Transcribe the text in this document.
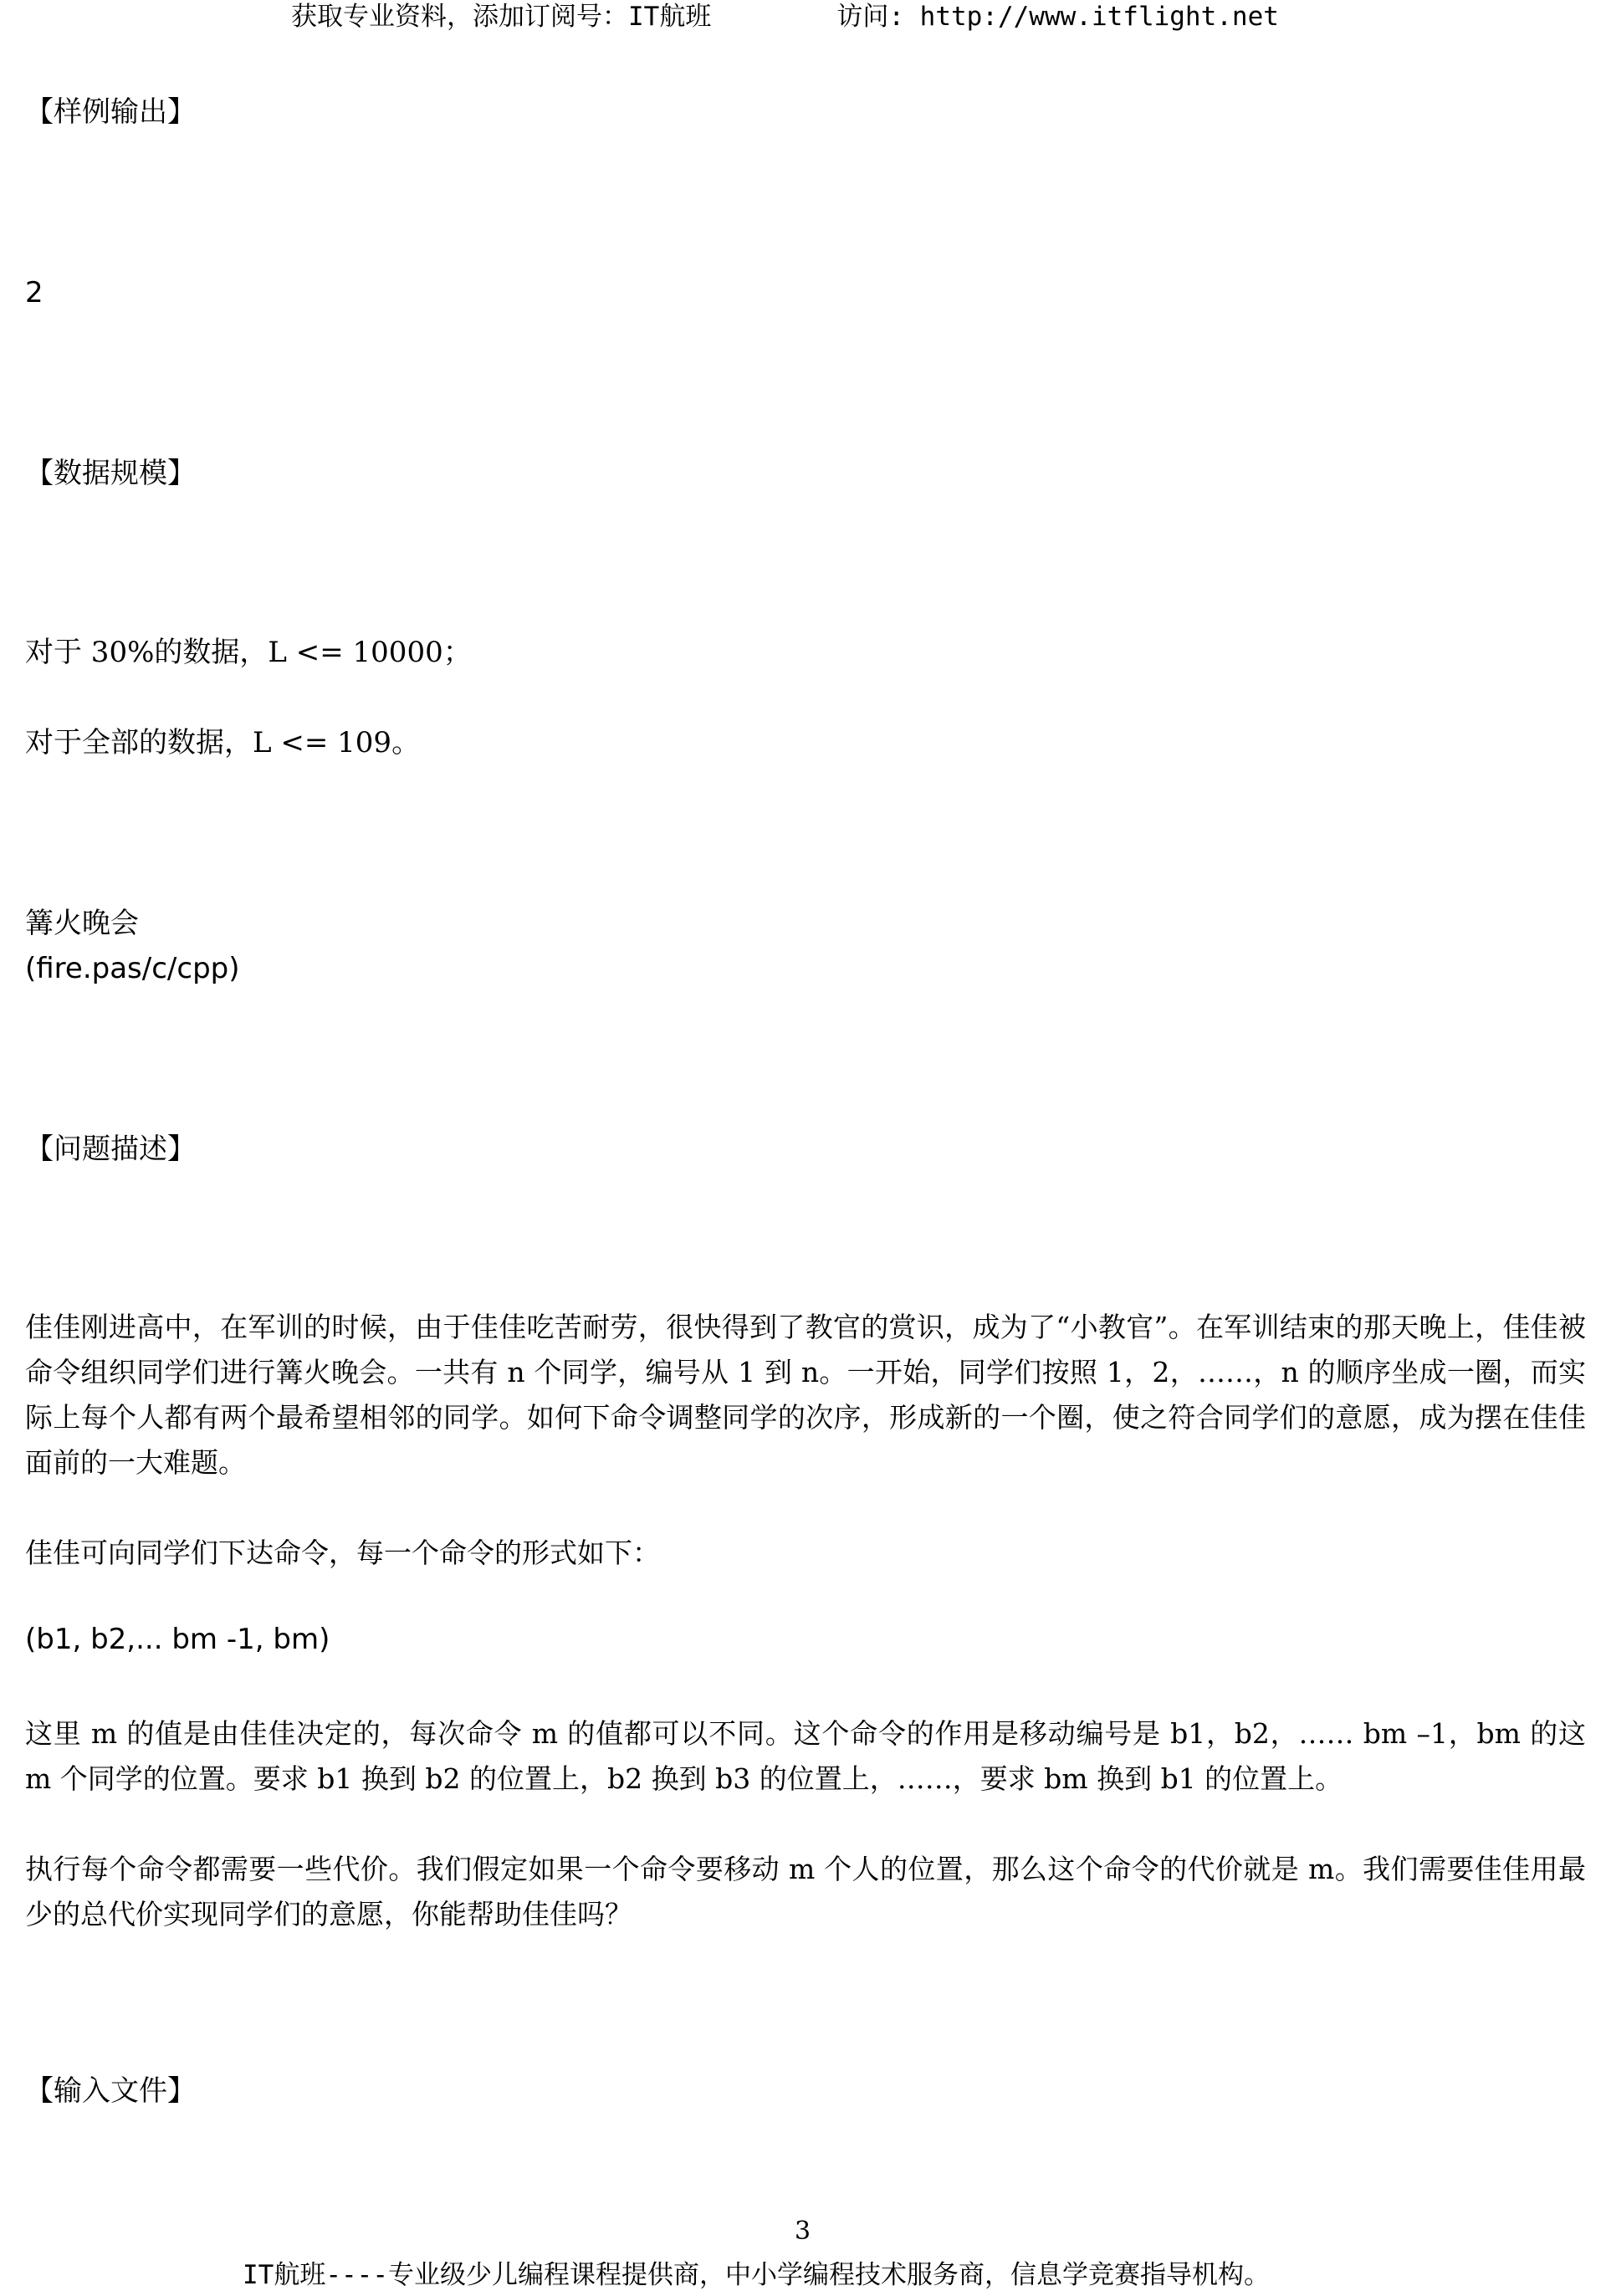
获取专业资料，添加订阅号：IT航班	访问: http://www.itflight.net
【样例输出】
2
【数据规模】
对于 30%的数据，L <= 10000；
对于全部的数据，L <= 109。
篝火晚会
(fire.pas/c/cpp)
【问题描述】
佳佳刚进高中，在军训的时候，由于佳佳吃苦耐劳，很快得到了教官的赏识，成为了“小教官”。在军训结束的那天晚上，佳佳被命令组织同学们进行篝火晚会。一共有 n 个同学，编号从 1 到 n。一开始，同学们按照 1，2，……，n 的顺序坐成一圈，而实际上每个人都有两个最希望相邻的同学。如何下命令调整同学的次序，形成新的一个圈，使之符合同学们的意愿，成为摆在佳佳面前的一大难题。
佳佳可向同学们下达命令，每一个命令的形式如下：
(b1, b2,... bm -1, bm)
这里 m 的值是由佳佳决定的，每次命令 m 的值都可以不同。这个命令的作用是移动编号是 b1，b2，…… bm –1，bm 的这 m 个同学的位置。要求 b1 换到 b2 的位置上，b2 换到 b3 的位置上，……，要求 bm 换到 b1 的位置上。
执行每个命令都需要一些代价。我们假定如果一个命令要移动 m 个人的位置，那么这个命令的代价就是 m。我们需要佳佳用最少的总代价实现同学们的意愿，你能帮助佳佳吗？
【输入文件】
3
IT航班----专业级少儿编程课程提供商，中小学编程技术服务商，信息学竞赛指导机构。
